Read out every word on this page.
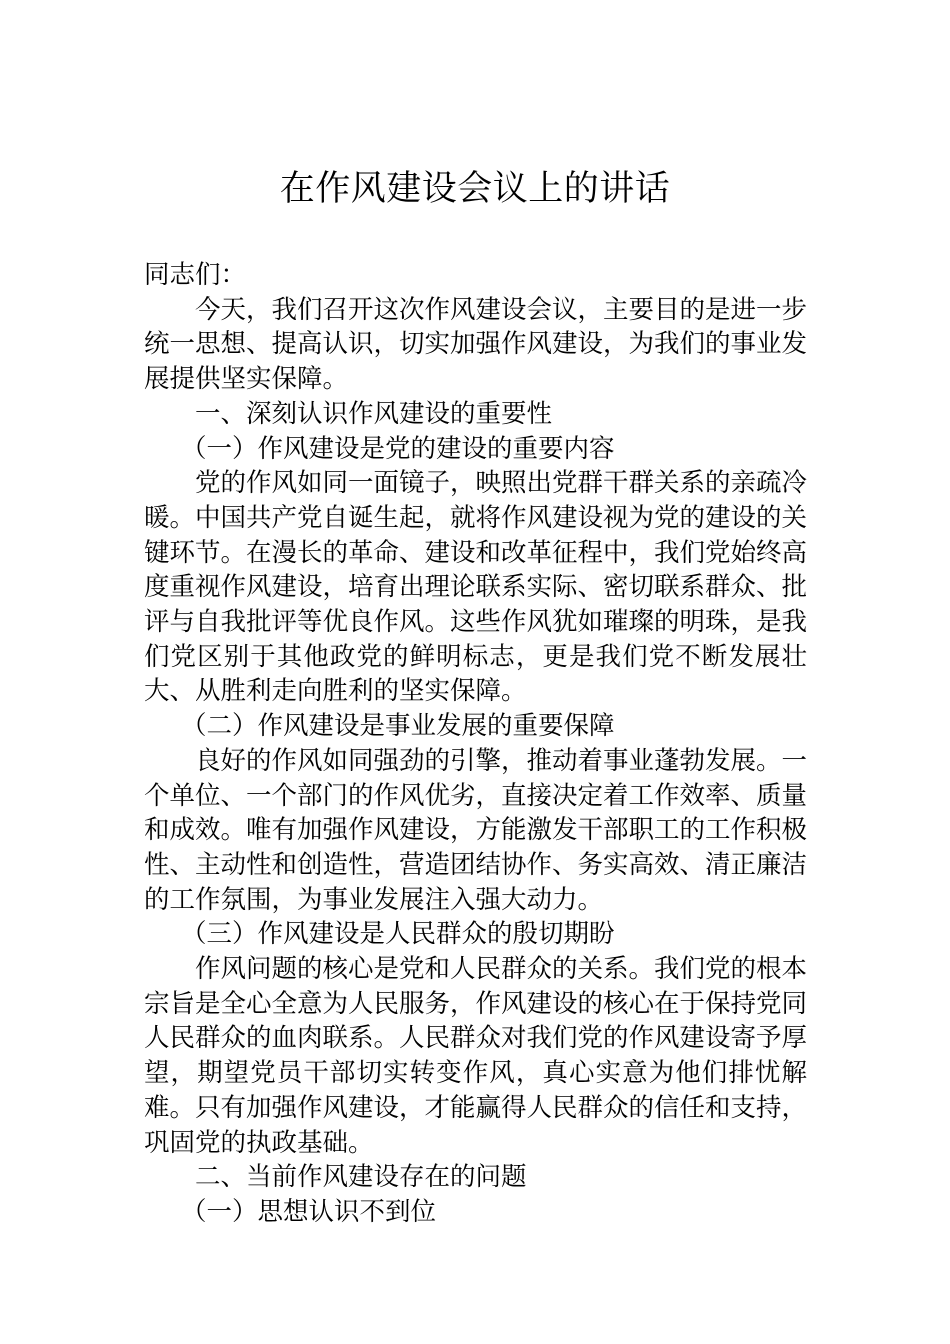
在作风建设会议上的讲话

同志们：

今天，我们召开这次作风建设会议，主要目的是进一步统一思想、提高认识，切实加强作风建设，为我们的事业发展提供坚实保障。

一、深刻认识作风建设的重要性

（一）作风建设是党的建设的重要内容

党的作风如同一面镜子，映照出党群干群关系的亲疏冷暖。中国共产党自诞生起，就将作风建设视为党的建设的关键环节。在漫长的革命、建设和改革征程中，我们党始终高度重视作风建设，培育出理论联系实际、密切联系群众、批评与自我批评等优良作风。这些作风犹如璀璨的明珠，是我们党区别于其他政党的鲜明标志，更是我们党不断发展壮大、从胜利走向胜利的坚实保障。

（二）作风建设是事业发展的重要保障

良好的作风如同强劲的引擎，推动着事业蓬勃发展。一个单位、一个部门的作风优劣，直接决定着工作效率、质量和成效。唯有加强作风建设，方能激发干部职工的工作积极性、主动性和创造性，营造团结协作、务实高效、清正廉洁的工作氛围，为事业发展注入强大动力。

（三）作风建设是人民群众的殷切期盼

作风问题的核心是党和人民群众的关系。我们党的根本宗旨是全心全意为人民服务，作风建设的核心在于保持党同人民群众的血肉联系。人民群众对我们党的作风建设寄予厚望，期望党员干部切实转变作风，真心实意为他们排忧解难。只有加强作风建设，才能赢得人民群众的信任和支持，巩固党的执政基础。

二、当前作风建设存在的问题

（一）思想认识不到位
